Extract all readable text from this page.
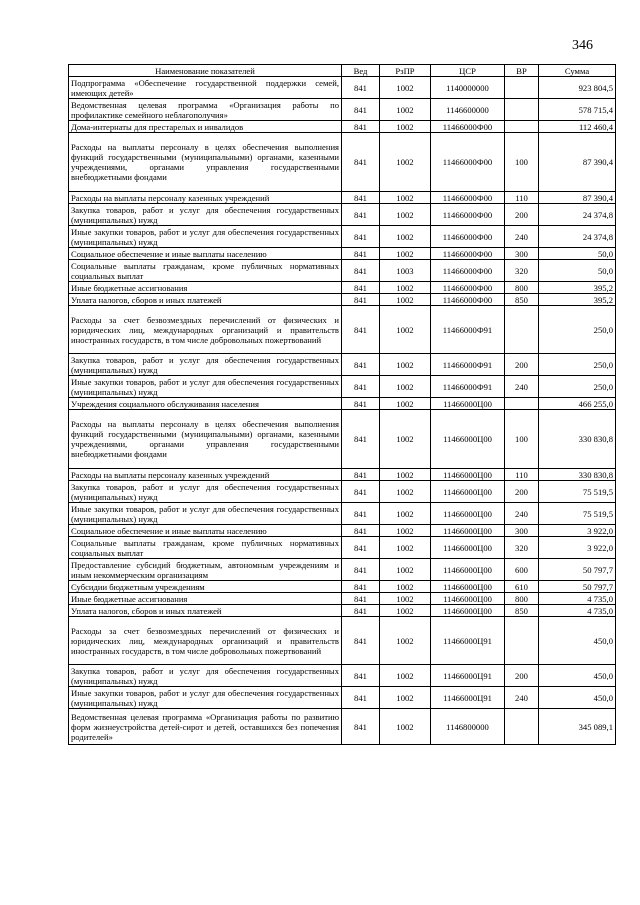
346
Наименование показателей	Вед	РзПР	ЦСР	ВР	Сумма
Подпрограмма «Обеспечение государственной поддержки семей, имеющих детей»	841	1002	1140000000		923 804,5
Ведомственная целевая программа «Организация работы по профилактике семейного неблагополучия»	841	1002	1146600000		578 715,4
Дома-интернаты для престарелых и инвалидов	841	1002	11466000Ф00		112 460,4
Расходы на выплаты персоналу в целях обеспечения выполнения функций государственными (муниципальными) органами, казенными учреждениями, органами управления государственными внебюджетными фондами	841	1002	11466000Ф00	100	87 390,4
Расходы на выплаты персоналу казенных учреждений	841	1002	11466000Ф00	110	87 390,4
Закупка товаров, работ и услуг для обеспечения государственных (муниципальных) нужд	841	1002	11466000Ф00	200	24 374,8
Иные закупки товаров, работ и услуг для обеспечения государственных (муниципальных) нужд	841	1002	11466000Ф00	240	24 374,8
Социальное обеспечение и иные выплаты населению	841	1002	11466000Ф00	300	50,0
Социальные выплаты гражданам, кроме публичных нормативных социальных выплат	841	1003	11466000Ф00	320	50,0
Иные бюджетные ассигнования	841	1002	11466000Ф00	800	395,2
Уплата налогов, сборов и иных платежей	841	1002	11466000Ф00	850	395,2
Расходы за счет безвозмездных перечислений от физических и юридических лиц, международных организаций и правительств иностранных государств, в том числе добровольных пожертвований	841	1002	11466000Ф91		250,0
Закупка товаров, работ и услуг для обеспечения государственных (муниципальных) нужд	841	1002	11466000Ф91	200	250,0
Иные закупки товаров, работ и услуг для обеспечения государственных (муниципальных) нужд	841	1002	11466000Ф91	240	250,0
Учреждения социального обслуживания населения	841	1002	11466000Ц00		466 255,0
Расходы на выплаты персоналу в целях обеспечения выполнения функций государственными (муниципальными) органами, казенными учреждениями, органами управления государственными внебюджетными фондами	841	1002	11466000Ц00	100	330 830,8
Расходы на выплаты персоналу казенных учреждений	841	1002	11466000Ц00	110	330 830,8
Закупка товаров, работ и услуг для обеспечения государственных (муниципальных) нужд	841	1002	11466000Ц00	200	75 519,5
Иные закупки товаров, работ и услуг для обеспечения государственных (муниципальных) нужд	841	1002	11466000Ц00	240	75 519,5
Социальное обеспечение и иные выплаты населению	841	1002	11466000Ц00	300	3 922,0
Социальные выплаты гражданам, кроме публичных нормативных социальных выплат	841	1002	11466000Ц00	320	3 922,0
Предоставление субсидий бюджетным, автономным учреждениям и иным некоммерческим организациям	841	1002	11466000Ц00	600	50 797,7
Субсидии бюджетным учреждениям	841	1002	11466000Ц00	610	50 797,7
Иные бюджетные ассигнования	841	1002	11466000Ц00	800	4 735,0
Уплата налогов, сборов и иных платежей	841	1002	11466000Ц00	850	4 735,0
Расходы за счет безвозмездных перечислений от физических и юридических лиц, международных организаций и правительств иностранных государств, в том числе добровольных пожертвований	841	1002	11466000Ц91		450,0
Закупка товаров, работ и услуг для обеспечения государственных (муниципальных) нужд	841	1002	11466000Ц91	200	450,0
Иные закупки товаров, работ и услуг для обеспечения государственных (муниципальных) нужд	841	1002	11466000Ц91	240	450,0
Ведомственная целевая программа «Организация работы по развитию форм жизнеустройства детей-сирот и детей, оставшихся без попечения родителей»	841	1002	1146800000		345 089,1
